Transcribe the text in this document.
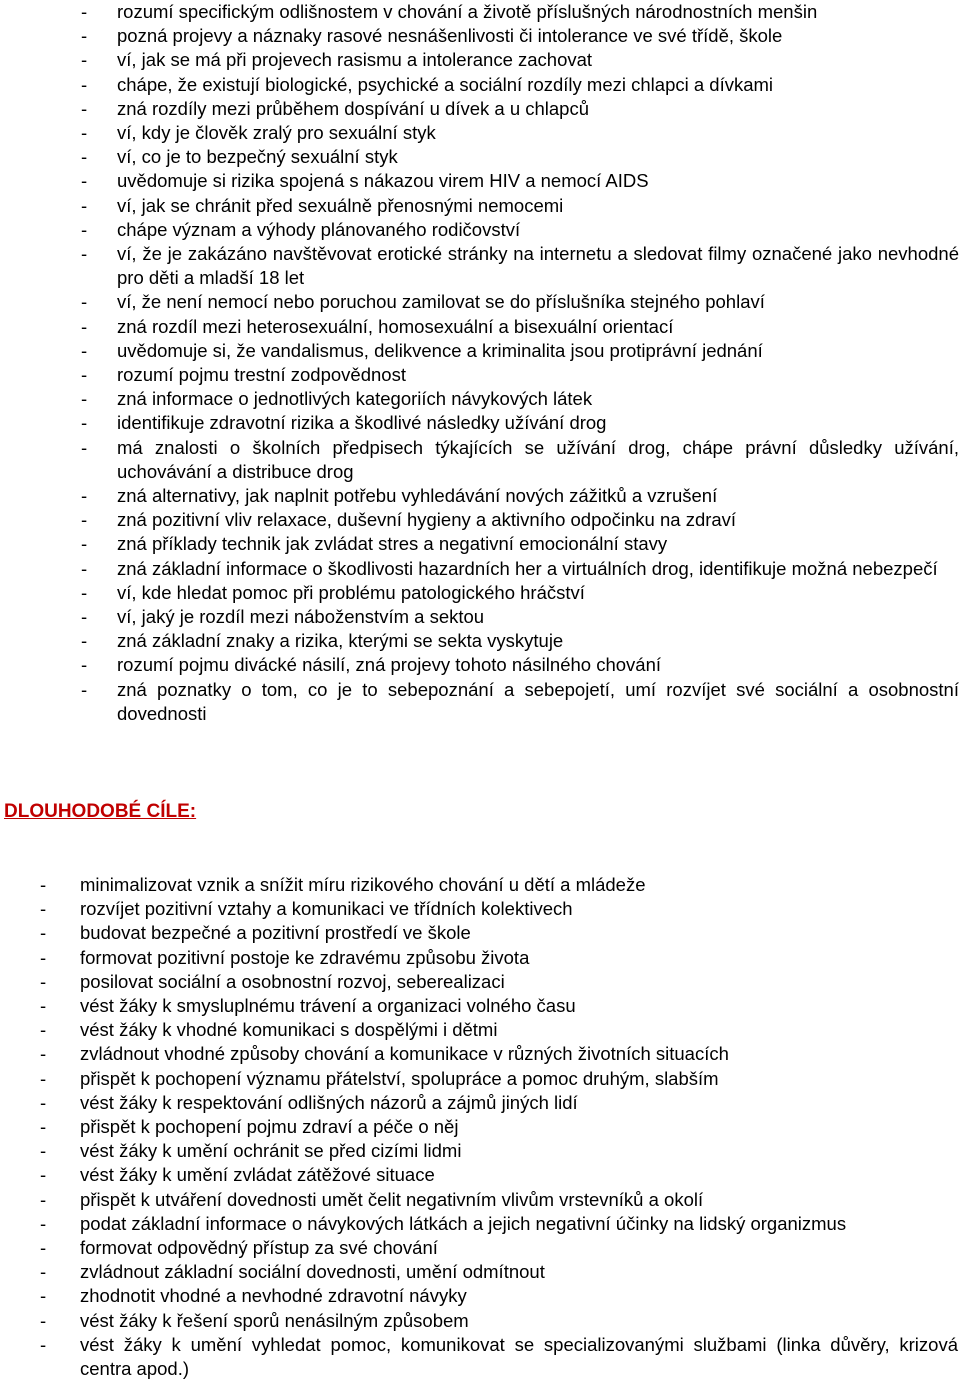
- rozumí specifickým odlišnostem v chování a životě příslušných národnostních menšin
- pozná projevy a náznaky rasové nesnášenlivosti či intolerance ve své třídě, škole
- ví, jak se má při projevech rasismu a intolerance zachovat
- chápe, že existují biologické, psychické a sociální rozdíly mezi chlapci a dívkami
- zná rozdíly mezi průběhem dospívání u dívek a u chlapců
- ví, kdy je člověk zralý pro sexuální styk
- ví, co je to bezpečný sexuální styk
- uvědomuje si rizika spojená s nákazou virem HIV a nemocí AIDS
- ví, jak se chránit před sexuálně přenosnými nemocemi
- chápe význam a výhody plánovaného rodičovství
- ví, že je zakázáno navštěvovat erotické stránky na internetu a sledovat filmy označené jako nevhodné pro děti a mladší 18 let
- ví, že není nemocí nebo poruchou zamilovat se do příslušníka stejného pohlaví
- zná rozdíl mezi heterosexuální, homosexuální a bisexuální orientací
- uvědomuje si, že vandalismus, delikvence a kriminalita jsou protiprávní jednání
- rozumí pojmu trestní zodpovědnost
- zná informace o jednotlivých kategoriích návykových látek
- identifikuje zdravotní rizika a škodlivé následky užívání drog
- má znalosti o školních předpisech týkajících se užívání drog, chápe právní důsledky užívání, uchovávání a distribuce drog
- zná alternativy, jak naplnit potřebu vyhledávání nových zážitků a vzrušení
- zná pozitivní vliv relaxace, duševní hygieny a aktivního odpočinku na zdraví
- zná příklady technik jak zvládat stres a negativní emocionální stavy
- zná základní informace o škodlivosti hazardních her a virtuálních drog, identifikuje možná nebezpečí
- ví, kde hledat pomoc při problému patologického hráčství
- ví, jaký je rozdíl mezi náboženstvím a sektou
- zná základní znaky a rizika, kterými se sekta vyskytuje
- rozumí pojmu divácké násilí, zná projevy tohoto násilného chování
- zná poznatky o tom, co je to sebepoznání a sebepojetí, umí rozvíjet své sociální a osobnostní dovednosti
DLOUHODOBÉ CÍLE:
- minimalizovat vznik a snížit míru rizikového chování u dětí a mládeže
- rozvíjet pozitivní vztahy a komunikaci ve třídních kolektivech
- budovat bezpečné a pozitivní prostředí ve škole
- formovat pozitivní postoje ke zdravému způsobu života
- posilovat sociální a osobnostní rozvoj, seberealizaci
- vést žáky k smysluplnému trávení a organizaci volného času
- vést žáky k vhodné komunikaci s dospělými i dětmi
- zvládnout vhodné způsoby chování a komunikace v různých životních situacích
- přispět k pochopení významu přátelství, spolupráce a pomoc druhým, slabším
- vést žáky k respektování odlišných názorů a zájmů jiných lidí
- přispět k pochopení pojmu zdraví a péče o něj
- vést žáky k umění ochránit se před cizími lidmi
- vést žáky k umění zvládat zátěžové situace
- přispět k utváření dovednosti umět čelit negativním vlivům vrstevníků a okolí
- podat základní informace o návykových látkách a jejich negativní účinky na lidský organizmus
- formovat odpovědný přístup za své chování
- zvládnout základní sociální dovednosti, umění odmítnout
- zhodnotit vhodné a nevhodné zdravotní návyky
- vést žáky k řešení sporů nenásilným způsobem
- vést žáky k umění vyhledat pomoc, komunikovat se specializovanými službami (linka důvěry, krizová centra apod.)
